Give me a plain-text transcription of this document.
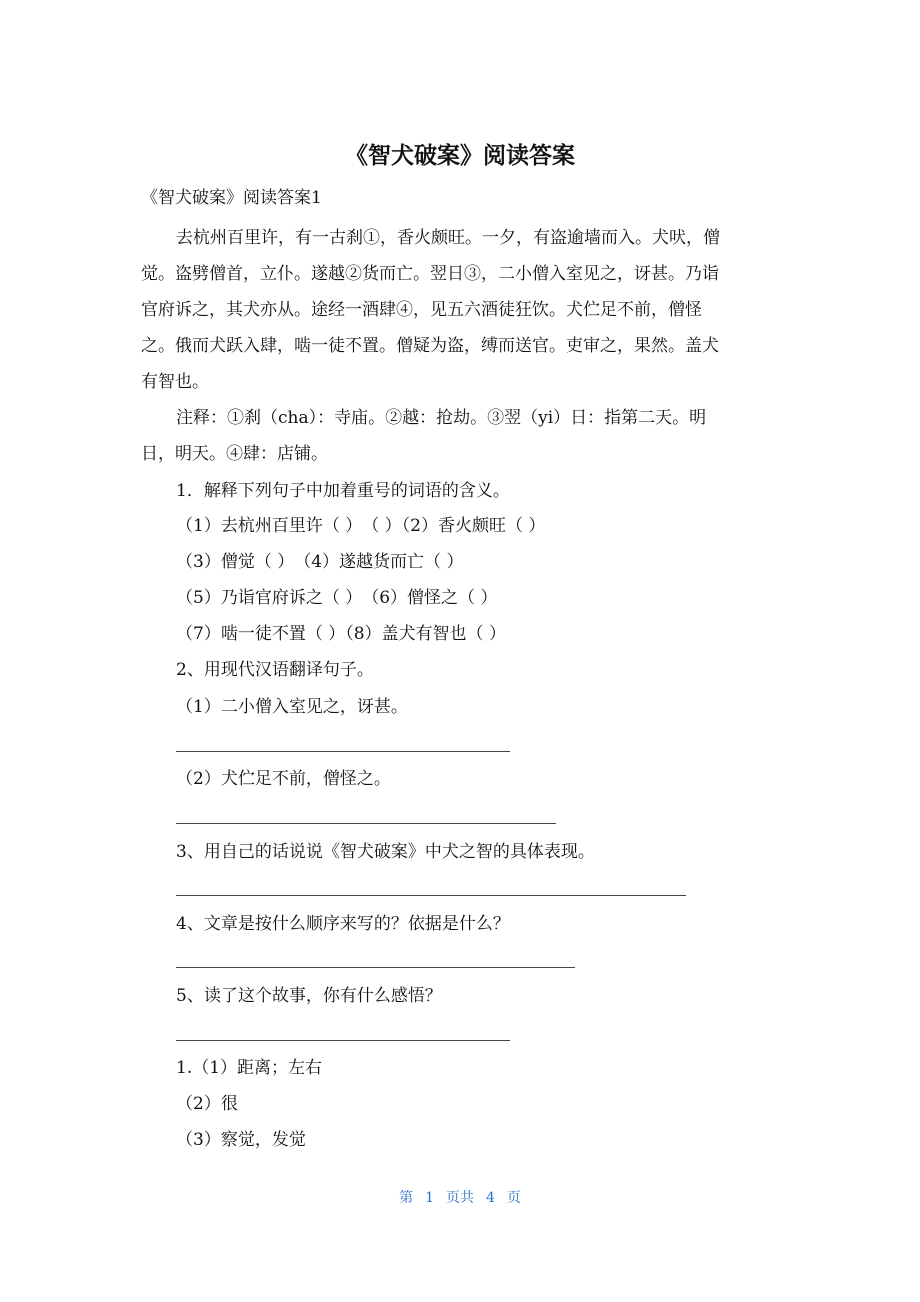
《智犬破案》阅读答案
《智犬破案》阅读答案1
去杭州百里许，有一古刹①，香火颇旺。一夕，有盗逾墙而入。犬吠，僧
觉。盗劈僧首，立仆。遂越②货而亡。翌日③，二小僧入室见之，讶甚。乃诣
官府诉之，其犬亦从。途经一酒肆④，见五六酒徒狂饮。犬伫足不前，僧怪
之。俄而犬跃入肆，啮一徒不置。僧疑为盗，缚而送官。吏审之，果然。盖犬
有智也。
注释：①刹（cha）：寺庙。②越：抢劫。③翌（yi）日：指第二天。明
日，明天。④肆：店铺。
1．解释下列句子中加着重号的词语的含义。
（1）去杭州百里许（ ）　（ ）（2）香火颇旺（ ）
（3）僧觉（ ）　（4）遂越货而亡（ ）
（5）乃诣官府诉之（ ）　（6）僧怪之（ ）
（7）啮一徒不置（ ）（8）盖犬有智也（ ）
2、用现代汉语翻译句子。
（1）二小僧入室见之，讶甚。
（2）犬伫足不前，僧怪之。
3、用自己的话说说《智犬破案》中犬之智的具体表现。
4、文章是按什么顺序来写的？依据是什么？
5、读了这个故事，你有什么感悟？
1.（1）距离；左右
（2）很
（3）察觉，发觉
第 1 页共 4 页
